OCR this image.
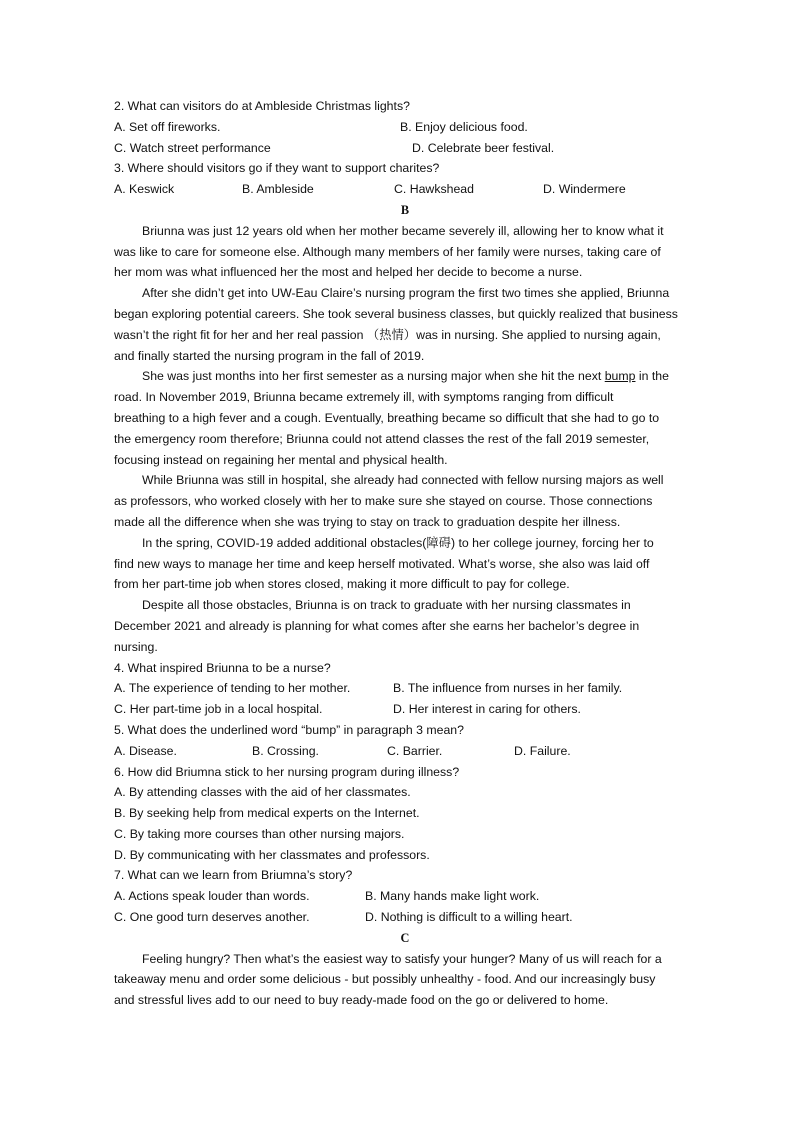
2. What can visitors do at Ambleside Christmas lights?
A. Set off fireworks.	B. Enjoy delicious food.
C. Watch street performance	D. Celebrate beer festival.
3. Where should visitors go if they want to support charites?
A. Keswick	B. Ambleside	C. Hawkshead	D. Windermere
B
Briunna was just 12 years old when her mother became severely ill, allowing her to know what it
was like to care for someone else. Although many members of her family were nurses, taking care of
her mom was what influenced her the most and helped her decide to become a nurse.
After she didn’t get into UW-Eau Claire’s nursing program the first two times she applied, Briunna
began exploring potential careers. She took several business classes, but quickly realized that business
wasn’t the right fit for her and her real passion （热情）was in nursing. She applied to nursing again,
and finally started the nursing program in the fall of 2019.
She was just months into her first semester as a nursing major when she hit the next bump in the
road. In November 2019, Briunna became extremely ill, with symptoms ranging from difficult
breathing to a high fever and a cough. Eventually, breathing became so difficult that she had to go to
the emergency room therefore; Briunna could not attend classes the rest of the fall 2019 semester,
focusing instead on regaining her mental and physical health.
While Briunna was still in hospital, she already had connected with fellow nursing majors as well
as professors, who worked closely with her to make sure she stayed on course. Those connections
made all the difference when she was trying to stay on track to graduation despite her illness.
In the spring, COVID-19 added additional obstacles(障碍) to her college journey, forcing her to
find new ways to manage her time and keep herself motivated. What’s worse, she also was laid off
from her part-time job when stores closed, making it more difficult to pay for college.
Despite all those obstacles, Briunna is on track to graduate with her nursing classmates in
December 2021 and already is planning for what comes after she earns her bachelor’s degree in
nursing.
4. What inspired Briunna to be a nurse?
A. The experience of tending to her mother.	B. The influence from nurses in her family.
C. Her part-time job in a local hospital.	D. Her interest in caring for others.
5. What does the underlined word “bump” in paragraph 3 mean?
A. Disease.	B. Crossing.	C. Barrier.	D. Failure.
6. How did Briumna stick to her nursing program during illness?
A. By attending classes with the aid of her classmates.
B. By seeking help from medical experts on the Internet.
C. By taking more courses than other nursing majors.
D. By communicating with her classmates and professors.
7. What can we learn from Briumna’s story?
A. Actions speak louder than words.	B. Many hands make light work.
C. One good turn deserves another.	D. Nothing is difficult to a willing heart.
C
Feeling hungry? Then what’s the easiest way to satisfy your hunger? Many of us will reach for a
takeaway menu and order some delicious - but possibly unhealthy - food. And our increasingly busy
and stressful lives add to our need to buy ready-made food on the go or delivered to home.
